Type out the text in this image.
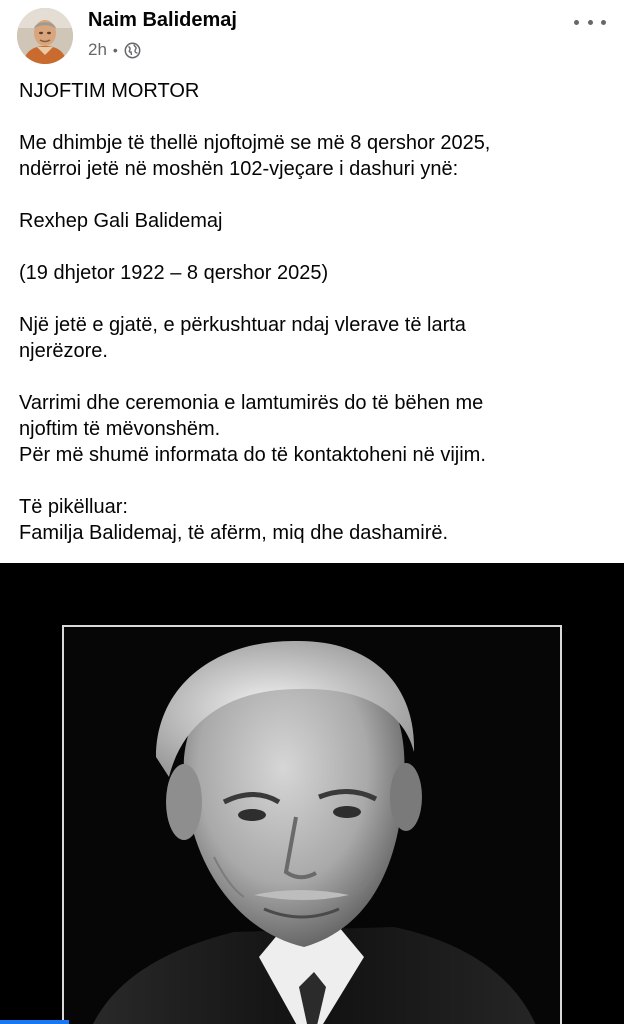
Naim Balidemaj
2h •

NJOFTIM MORTOR

Me dhimbje të thellë njoftojmë se më 8 qershor 2025,
ndërroi jetë në moshën 102-vjeçare i dashuri ynë:

Rexhep Gali Balidemaj

(19 dhjetor 1922 – 8 qershor 2025)

Një jetë e gjatë, e përkushtuar ndaj vlerave të larta
njerëzore.

Varrimi dhe ceremonia e lamtumirës do të bëhen me
njoftim të mëvonshëm.
Për më shumë informata do të kontaktoheni në vijim.

Të pikëlluar:
Familja Balidemaj, të afërm, miq dhe dashamirë.
